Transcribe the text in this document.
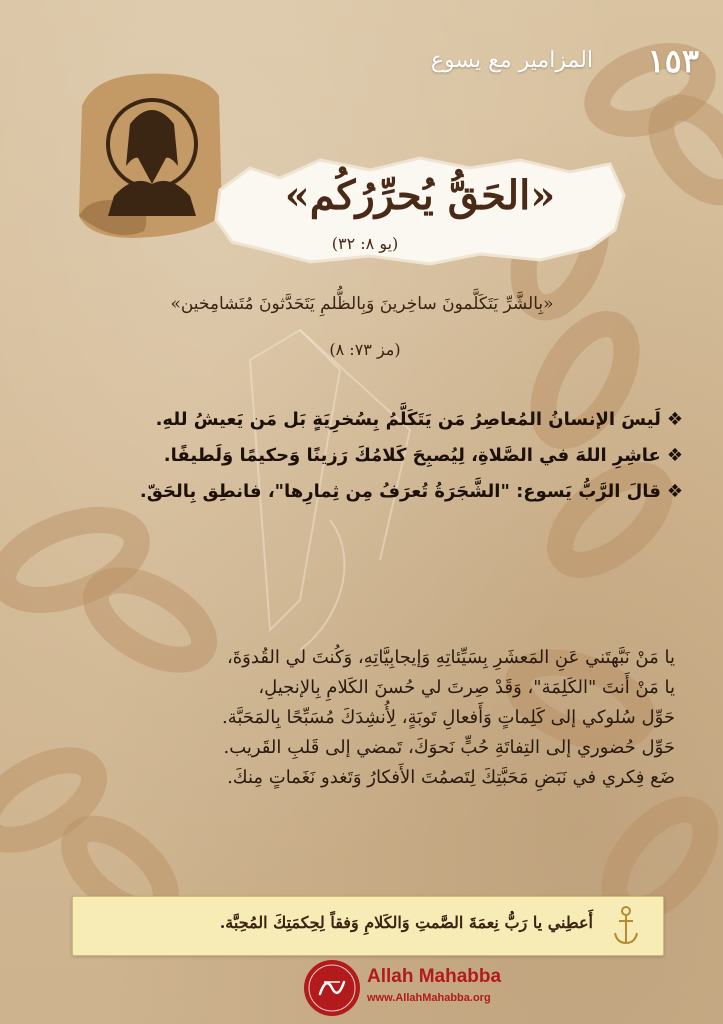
المزامير مع يسوع ١٥٣
«الحَقُّ يُحرِّرُكُم»
(يو ٨: ٣٢)
«بِالشَّرِّ يَتَكَلَّمونَ ساخِرينَ وَبِالظُّلمِ يَتَحَدَّثونَ مُتَشامِخين»
(مز ٧٣: ٨)
❖لَيسَ الإنسانُ المُعاصِرُ مَن يَتَكَلَّمُ بِسُخرِيَةٍ بَل مَن يَعيشُ للهِ.
❖عاشِرِ اللهَ في الصَّلاةِ، لِيُصبِحَ كَلامُكَ رَزينًا وَحكيمًا وَلَطيفًا.
❖قالَ الرَّبُّ يَسوع: "الشَّجَرَةُ تُعرَفُ مِن ثِمارِها"، فانطِق بِالحَقّ.
يا مَنْ نَبَّهتَني عَنِ المَعشَرِ بِسَيِّئاتِهِ وَإيجابِيَّاتِهِ، وَكُنتَ لي القُدوَةَ،
يا مَنْ أَنتَ "الكَلِمَة"، وَقَدْ صِرتَ لي حُسنَ الكَلامِ بِالإنجيلِ،
حَوِّل سُلوكي إلى كَلِماتٍ وَأَفعالِ تَوبَةٍ، لِأُنشِدَكَ مُسَبِّحًا بِالمَحَبَّة.
حَوِّل حُضوري إلى التِفاتَةِ حُبٍّ نَحوَكَ، تَمضي إلى قَلبِ القَريب.
ضَع فِكري في نَبَضِ مَحَبَّتِكَ لِتَصمُتَ الأَفكارُ وَتَغدو نَغَماتٍ مِنكَ.
أَعطِني يا رَبُّ نِعمَةَ الصَّمتِ وَالكَلامِ وَفقاً لِحِكمَتِكَ المُحِبَّة.
Allah Mahabba
www.AllahMahabba.org
